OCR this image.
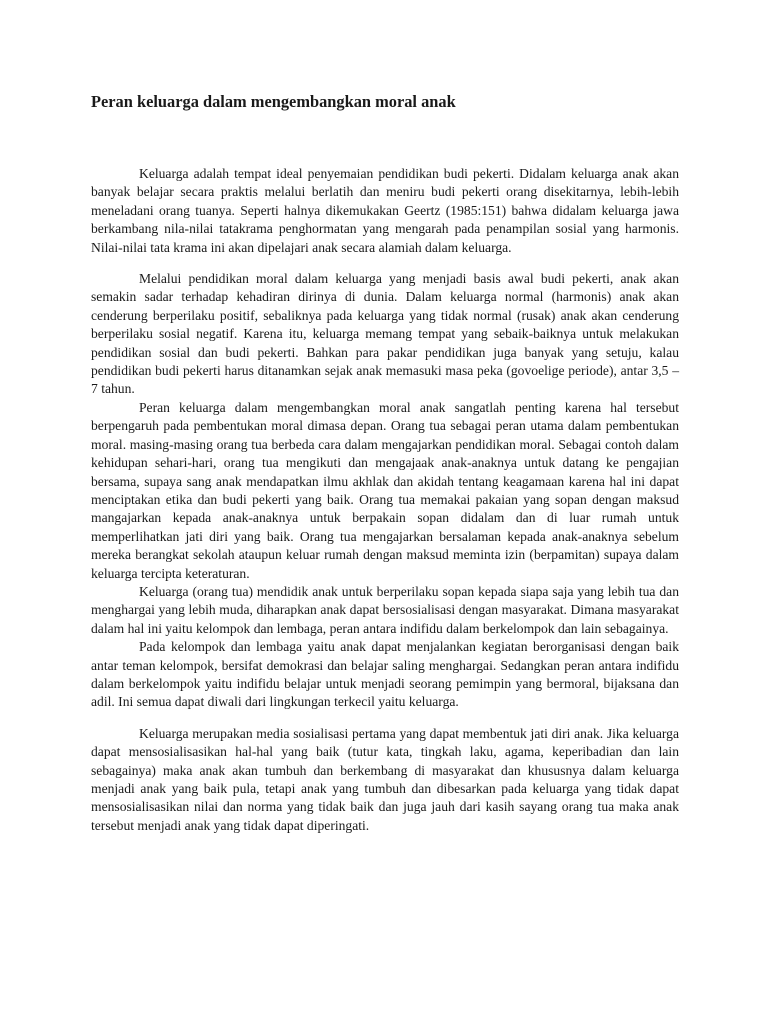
Peran keluarga dalam mengembangkan moral anak

Keluarga adalah tempat ideal penyemaian pendidikan budi pekerti. Didalam keluarga anak akan banyak belajar secara praktis melalui berlatih dan meniru budi pekerti orang disekitarnya, lebih-lebih meneladani orang tuanya. Seperti halnya dikemukakan Geertz (1985:151) bahwa didalam keluarga jawa berkambang nila-nilai tatakrama penghormatan yang mengarah pada penampilan sosial yang harmonis. Nilai-nilai tata krama ini akan dipelajari anak secara alamiah dalam keluarga.

Melalui pendidikan moral dalam keluarga yang menjadi basis awal budi pekerti, anak akan semakin sadar terhadap kehadiran dirinya di dunia. Dalam keluarga normal (harmonis) anak akan cenderung berperilaku positif, sebaliknya pada keluarga yang tidak normal (rusak) anak akan cenderung berperilaku sosial negatif. Karena itu, keluarga memang tempat yang sebaik-baiknya untuk melakukan pendidikan sosial dan budi pekerti. Bahkan para pakar pendidikan juga banyak yang setuju, kalau pendidikan budi pekerti harus ditanamkan sejak anak memasuki masa peka (govoelige periode), antar 3,5 – 7 tahun.

Peran keluarga dalam mengembangkan moral anak sangatlah penting karena hal tersebut berpengaruh pada pembentukan moral dimasa depan. Orang tua sebagai peran utama dalam pembentukan moral. masing-masing orang tua berbeda cara dalam mengajarkan pendidikan moral. Sebagai contoh dalam kehidupan sehari-hari, orang tua mengikuti dan mengajaak anak-anaknya untuk datang ke pengajian bersama, supaya sang anak mendapatkan ilmu akhlak dan akidah tentang keagamaan karena hal ini dapat menciptakan etika dan budi pekerti yang baik. Orang tua memakai pakaian yang sopan dengan maksud mangajarkan kepada anak-anaknya untuk berpakain sopan didalam dan di luar rumah untuk memperlihatkan jati diri yang baik. Orang tua mengajarkan bersalaman kepada anak-anaknya sebelum mereka berangkat sekolah ataupun keluar rumah dengan maksud meminta izin (berpamitan) supaya dalam keluarga tercipta keteraturan.

Keluarga (orang tua) mendidik anak untuk berperilaku sopan kepada siapa saja yang lebih tua dan menghargai yang lebih muda, diharapkan anak dapat bersosialisasi dengan masyarakat. Dimana masyarakat dalam hal ini yaitu kelompok dan lembaga, peran antara indifidu dalam berkelompok dan lain sebagainya.

Pada kelompok dan lembaga yaitu anak dapat menjalankan kegiatan berorganisasi dengan baik antar teman kelompok, bersifat demokrasi dan belajar saling menghargai. Sedangkan peran antara indifidu dalam berkelompok yaitu indifidu belajar untuk menjadi seorang pemimpin yang bermoral, bijaksana dan adil. Ini semua dapat diwali dari lingkungan terkecil yaitu keluarga.

Keluarga merupakan media sosialisasi pertama yang dapat membentuk jati diri anak. Jika keluarga dapat mensosialisasikan hal-hal yang baik (tutur kata, tingkah laku, agama, keperibadian dan lain sebagainya) maka anak akan tumbuh dan berkembang di masyarakat dan khususnya dalam keluarga menjadi anak yang baik pula, tetapi anak yang tumbuh dan dibesarkan pada keluarga yang tidak dapat mensosialisasikan nilai dan norma yang tidak baik dan juga jauh dari kasih sayang orang tua maka anak tersebut menjadi anak yang tidak dapat diperingati.
